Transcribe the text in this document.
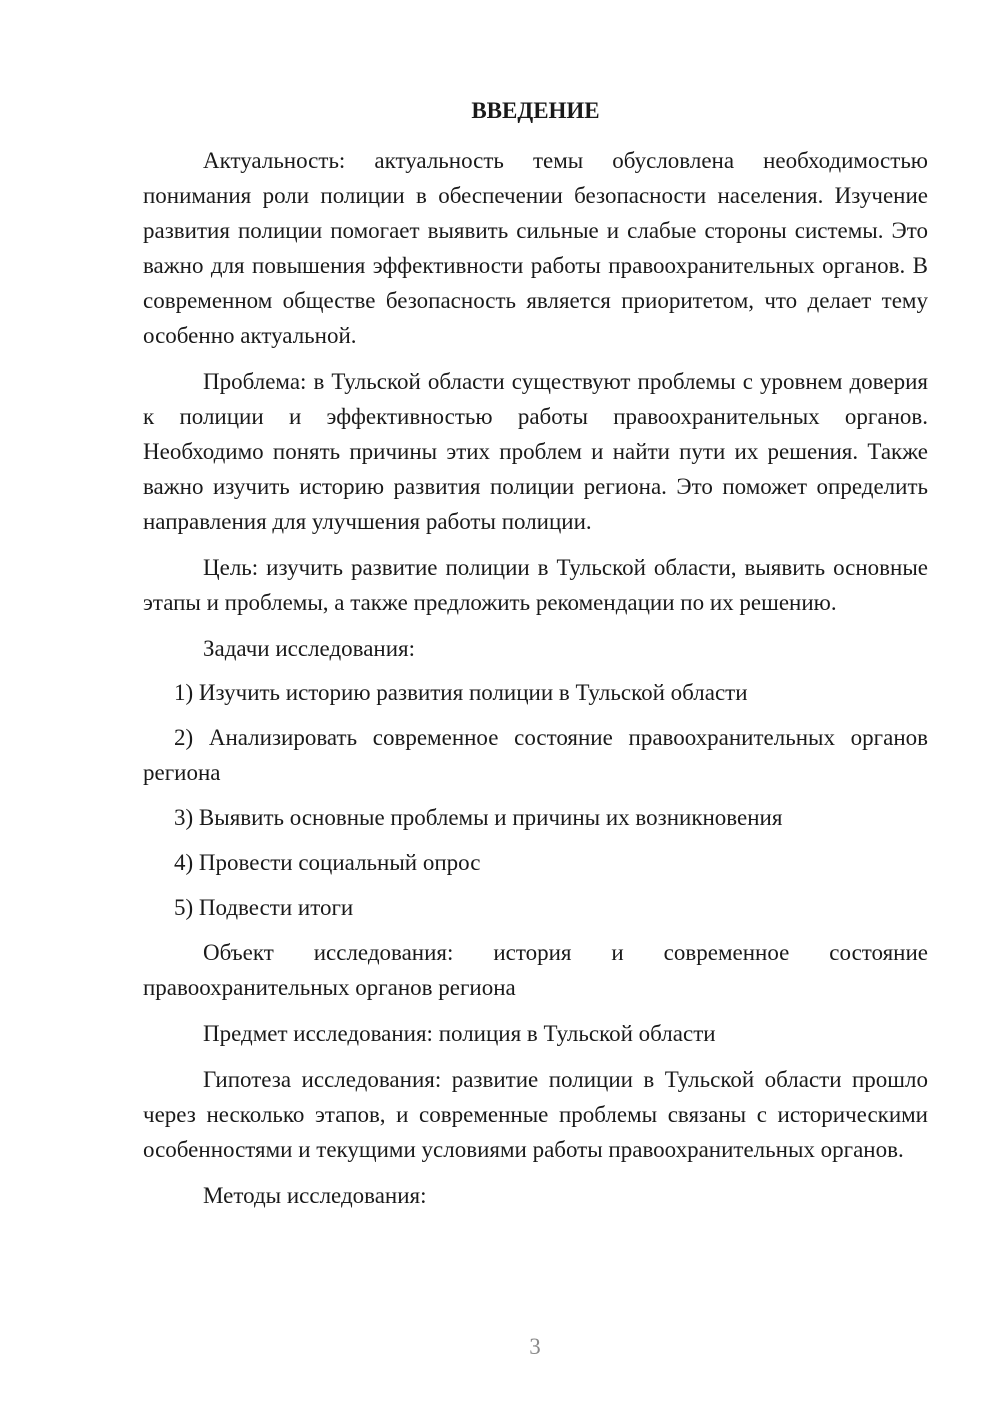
ВВЕДЕНИЕ

Актуальность: актуальность темы обусловлена необходимостью понимания роли полиции в обеспечении безопасности населения. Изучение развития полиции помогает выявить сильные и слабые стороны системы. Это важно для повышения эффективности работы правоохранительных органов. В современном обществе безопасность является приоритетом, что делает тему особенно актуальной.

Проблема: в Тульской области существуют проблемы с уровнем доверия к полиции и эффективностью работы правоохранительных органов. Необходимо понять причины этих проблем и найти пути их решения. Также важно изучить историю развития полиции региона. Это поможет определить направления для улучшения работы полиции.

Цель: изучить развитие полиции в Тульской области, выявить основные этапы и проблемы, а также предложить рекомендации по их решению.

Задачи исследования:

1) Изучить историю развития полиции в Тульской области

2) Анализировать современное состояние правоохранительных органов региона

3) Выявить основные проблемы и причины их возникновения

4) Провести социальный опрос

5) Подвести итоги

Объект исследования: история и современное состояние правоохранительных органов региона

Предмет исследования: полиция в Тульской области

Гипотеза исследования: развитие полиции в Тульской области прошло через несколько этапов, и современные проблемы связаны с историческими особенностями и текущими условиями работы правоохранительных органов.

Методы исследования:

3
